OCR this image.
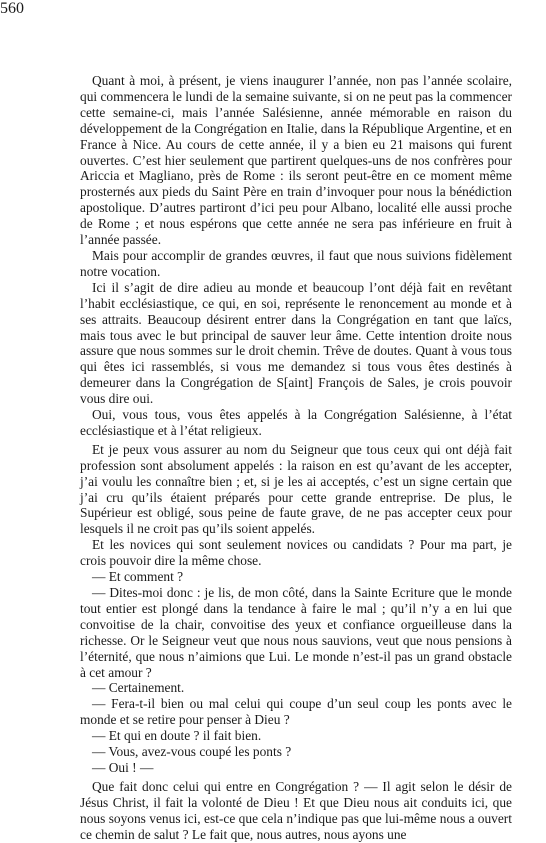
560

Quant à moi, à présent, je viens inaugurer l’année, non pas l’année scolaire, qui commencera le lundi de la semaine suivante, si on ne peut pas la commencer cette semaine-ci, mais l’année Salésienne, année mémorable en raison du développement de la Congrégation en Italie, dans la République Argentine, et en France à Nice. Au cours de cette année, il y a bien eu 21 maisons qui furent ouvertes. C’est hier seulement que partirent quelques-uns de nos confrères pour Ariccia et Magliano, près de Rome : ils seront peut-être en ce moment même prosternés aux pieds du Saint Père en train d’invoquer pour nous la bénédiction apostolique. D’autres partiront d’ici peu pour Albano, localité elle aussi proche de Rome ; et nous espérons que cette année ne sera pas inférieure en fruit à l’année passée.

Mais pour accomplir de grandes œuvres, il faut que nous suivions fidèlement notre vocation.

Ici il s’agit de dire adieu au monde et beaucoup l’ont déjà fait en revêtant l’habit ecclésiastique, ce qui, en soi, représente le renoncement au monde et à ses attraits. Beaucoup désirent entrer dans la Congrégation en tant que laïcs, mais tous avec le but principal de sauver leur âme. Cette intention droite nous assure que nous sommes sur le droit chemin. Trêve de doutes. Quant à vous tous qui êtes ici rassemblés, si vous me demandez si tous vous êtes destinés à demeurer dans la Congrégation de S[aint] François de Sales, je crois pouvoir vous dire oui.

Oui, vous tous, vous êtes appelés à la Congrégation Salésienne, à l’état ecclésiastique et à l’état religieux.

Et je peux vous assurer au nom du Seigneur que tous ceux qui ont déjà fait profession sont absolument appelés : la raison en est qu’avant de les accepter, j’ai voulu les connaître bien ; et, si je les ai acceptés, c’est un signe certain que j’ai cru qu’ils étaient préparés pour cette grande entreprise. De plus, le Supérieur est obligé, sous peine de faute grave, de ne pas accepter ceux pour lesquels il ne croit pas qu’ils soient appelés.

Et les novices qui sont seulement novices ou candidats ? Pour ma part, je crois pouvoir dire la même chose.

— Et comment ?

— Dites-moi donc : je lis, de mon côté, dans la Sainte Ecriture que le monde tout entier est plongé dans la tendance à faire le mal ; qu’il n’y a en lui que convoitise de la chair, convoitise des yeux et confiance orgueilleuse dans la richesse. Or le Seigneur veut que nous nous sauvions, veut que nous pensions à l’éternité, que nous n’aimions que Lui. Le monde n’est-il pas un grand obstacle à cet amour ?

— Certainement.

— Fera-t-il bien ou mal celui qui coupe d’un seul coup les ponts avec le monde et se retire pour penser à Dieu ?

— Et qui en doute ? il fait bien.

— Vous, avez-vous coupé les ponts ?

— Oui ! —

Que fait donc celui qui entre en Congrégation ? — Il agit selon le désir de Jésus Christ, il fait la volonté de Dieu ! Et que Dieu nous ait conduits ici, que nous soyons venus ici, est-ce que cela n’indique pas que lui-même nous a ouvert ce chemin de salut ? Le fait que, nous autres, nous ayons une
